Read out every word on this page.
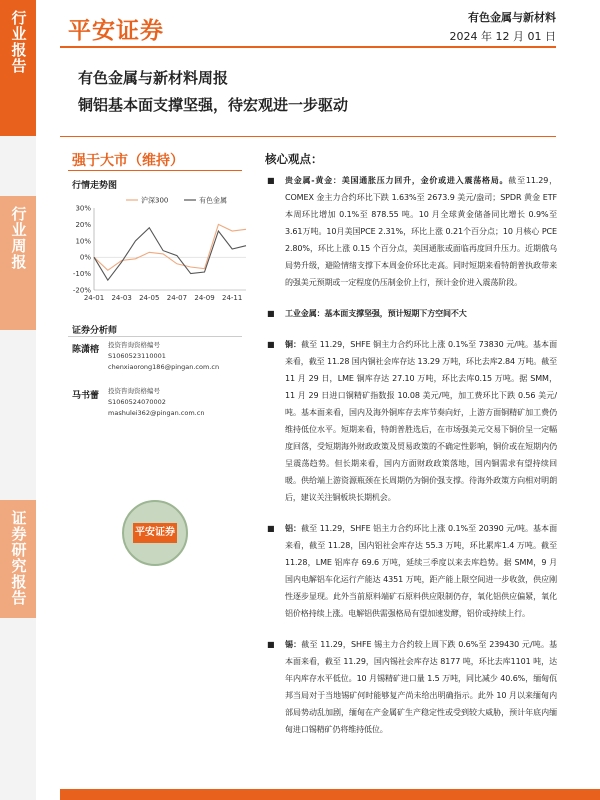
行业报告
行业周报
证券研究报告
平安证券
有色金属与新材料
2024 年 12 月 01 日
有色金属与新材料周报
铜铝基本面支撑坚强，待宏观进一步驱动
强于大市（维持）
行情走势图
30%
20%
10%
0%
-10%
-20%
24-01 24-03 24-05 24-07 24-09 24-11
沪深300	有色金属
证券分析师
陈潇榕 投资咨询资格编号
S1060523110001
chenxiaorong186@pingan.com.cn
马书蕾 投资咨询资格编号
S1060524070002
mashulei362@pingan.com.cn
平安证券
核心观点：

■ 贵金属-黄金：美国通胀压力回升，金价或进入震荡格局。截至11.29，COMEX 金主力合约环比下跌 1.63%至 2673.9 美元/盎司；SPDR 黄金 ETF 本周环比增加 0.1%至 878.55 吨。10 月全球黄金储备同比增长 0.9%至 3.61万吨。10月美国PCE 2.31%，环比上涨 0.21个百分点；10 月核心 PCE 2.80%，环比上涨 0.15 个百分点，美国通胀或面临再度回升压力。近期俄乌局势升级，避险情绪支撑下本周金价环比走高。同时短期来看特朗普执政带来的强美元预期或一定程度仍压制金价上行，预计金价进入震荡阶段。

■ 工业金属：基本面支撑坚强，预计短期下方空间不大

■ 铜：截至 11.29，SHFE 铜主力合约环比上涨 0.1%至 73830 元/吨。基本面来看，截至 11.28 国内铜社会库存达 13.29 万吨，环比去库2.84 万吨。截至 11 月 29 日，LME 铜库存达 27.10 万吨，环比去库0.15 万吨。据 SMM，11 月 29 日进口铜精矿指数报 10.08 美元/吨，加工费环比下跌 0.56 美元/吨。基本面来看，国内及海外铜库存去库节奏向好，上游方面铜精矿加工费仍维持低位水平。短期来看，特朗普胜选后，在市场强美元交易下铜价呈一定幅度回落，受短期海外财政政策及贸易政策的不确定性影响，铜价或在短期内仍呈震荡趋势。但长期来看，国内方面财政政策落地，国内铜需求有望持续回暖。供给端上游资源瓶颈在长周期仍为铜价强支撑。待海外政策方向相对明朗后，建议关注铜板块长期机会。

■ 铝：截至 11.29，SHFE 铝主力合约环比上涨 0.1%至 20390 元/吨。基本面来看，截至 11.28，国内铝社会库存达 55.3 万吨，环比累库1.4 万吨。截至 11.28，LME 铝库存 69.6 万吨，延续三季度以来去库趋势。据 SMM，9 月国内电解铝车化运行产能达 4351 万吨，距产能上限空间进一步收敛，供应刚性逐步显现。此外当前原料端矿石原料供应限制仍存，氧化铝供应偏紧，氧化铝价格持续上涨。电解铝供需强格局有望加速发酵，铝价或持续上行。

■ 锡：截至 11.29，SHFE 锡主力合约较上周下跌 0.6%至 239430 元/吨。基本面来看，截至 11.29，国内锡社会库存达 8177 吨，环比去库1101 吨，达年内库存水平低位。10 月锡精矿进口量 1.5 万吨，同比减少 40.6%，缅甸佤邦当局对于当地锡矿何时能够复产尚未给出明确指示。此外 10 月以来缅甸内部局势动乱加剧，缅甸在产金属矿生产稳定性或受到较大威胁，预计年底内缅甸进口锡精矿仍将维持低位。
